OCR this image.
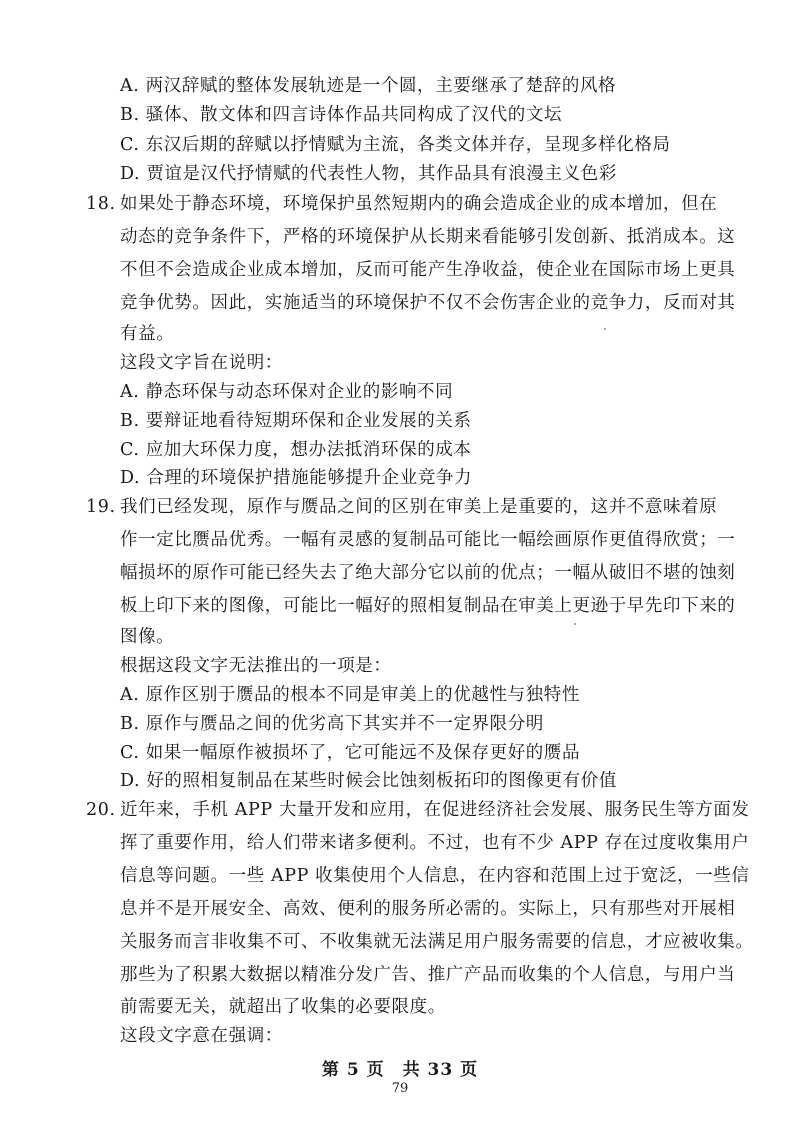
A. 两汉辞赋的整体发展轨迹是一个圆，主要继承了楚辞的风格
B. 骚体、散文体和四言诗体作品共同构成了汉代的文坛
C. 东汉后期的辞赋以抒情赋为主流，各类文体并存，呈现多样化格局
D. 贾谊是汉代抒情赋的代表性人物，其作品具有浪漫主义色彩
18. 如果处于静态环境，环境保护虽然短期内的确会造成企业的成本增加，但在
动态的竞争条件下，严格的环境保护从长期来看能够引发创新、抵消成本。这
不但不会造成企业成本增加，反而可能产生净收益，使企业在国际市场上更具
竞争优势。因此，实施适当的环境保护不仅不会伤害企业的竞争力，反而对其
有益。
这段文字旨在说明：
A. 静态环保与动态环保对企业的影响不同
B. 要辩证地看待短期环保和企业发展的关系
C. 应加大环保力度，想办法抵消环保的成本
D. 合理的环境保护措施能够提升企业竞争力
19. 我们已经发现，原作与赝品之间的区别在审美上是重要的，这并不意味着原
作一定比赝品优秀。一幅有灵感的复制品可能比一幅绘画原作更值得欣赏；一
幅损坏的原作可能已经失去了绝大部分它以前的优点；一幅从破旧不堪的蚀刻
板上印下来的图像，可能比一幅好的照相复制品在审美上更逊于早先印下来的
图像。
根据这段文字无法推出的一项是：
A. 原作区别于赝品的根本不同是审美上的优越性与独特性
B. 原作与赝品之间的优劣高下其实并不一定界限分明
C. 如果一幅原作被损坏了，它可能远不及保存更好的赝品
D. 好的照相复制品在某些时候会比蚀刻板拓印的图像更有价值
20. 近年来，手机 APP 大量开发和应用，在促进经济社会发展、服务民生等方面发
挥了重要作用，给人们带来诸多便利。不过，也有不少 APP 存在过度收集用户
信息等问题。一些 APP 收集使用个人信息，在内容和范围上过于宽泛，一些信
息并不是开展安全、高效、便利的服务所必需的。实际上，只有那些对开展相
关服务而言非收集不可、不收集就无法满足用户服务需要的信息，才应被收集。
那些为了积累大数据以精准分发广告、推广产品而收集的个人信息，与用户当
前需要无关，就超出了收集的必要限度。
这段文字意在强调：
第 5 页　共 33 页
79
